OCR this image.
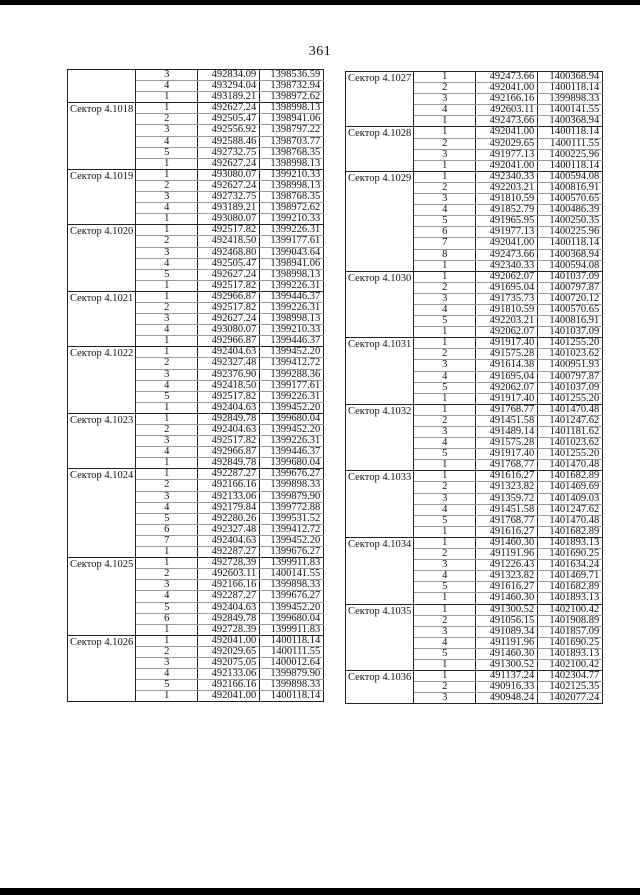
361
	3	492834.09	1398536.59
	4	493294.04	1398732.94
	1	493189.21	1398972.62
Сектор 4.1018	1	492627.24	1398998.13
	2	492505.47	1398941.06
	3	492556.92	1398797.22
	4	492588.46	1398703.77
	5	492732.75	1398768.35
	1	492627.24	1398998.13
Сектор 4.1019	1	493080.07	1399210.33
	2	492627.24	1398998.13
	3	492732.75	1398768.35
	4	493189.21	1398972.62
	1	493080.07	1399210.33
Сектор 4.1020	1	492517.82	1399226.31
	2	492418.50	1399177.61
	3	492468.80	1399043.64
	4	492505.47	1398941.06
	5	492627.24	1398998.13
	1	492517.82	1399226.31
Сектор 4.1021	1	492966.87	1399446.37
	2	492517.82	1399226.31
	3	492627.24	1398998.13
	4	493080.07	1399210.33
	1	492966.87	1399446.37
Сектор 4.1022	1	492404.63	1399452.20
	2	492327.48	1399412.72
	3	492376.90	1399288.36
	4	492418.50	1399177.61
	5	492517.82	1399226.31
	1	492404.63	1399452.20
Сектор 4.1023	1	492849.78	1399680.04
	2	492404.63	1399452.20
	3	492517.82	1399226.31
	4	492966.87	1399446.37
	1	492849.78	1399680.04
Сектор 4.1024	1	492287.27	1399676.27
	2	492166.16	1399898.33
	3	492133.06	1399879.90
	4	492179.84	1399772.88
	5	492280.26	1399531.52
	6	492327.48	1399412.72
	7	492404.63	1399452.20
	1	492287.27	1399676.27
Сектор 4.1025	1	492728.39	1399911.83
	2	492603.11	1400141.55
	3	492166.16	1399898.33
	4	492287.27	1399676.27
	5	492404.63	1399452.20
	6	492849.78	1399680.04
	1	492728.39	1399911.83
Сектор 4.1026	1	492041.00	1400118.14
	2	492029.65	1400111.55
	3	492075.05	1400012.64
	4	492133.06	1399879.90
	5	492166.16	1399898.33
	1	492041.00	1400118.14
Сектор 4.1027	1	492473.66	1400368.94
	2	492041.00	1400118.14
	3	492166.16	1399898.33
	4	492603.11	1400141.55
	1	492473.66	1400368.94
Сектор 4.1028	1	492041.00	1400118.14
	2	492029.65	1400111.55
	3	491977.13	1400225.96
	1	492041.00	1400118.14
Сектор 4.1029	1	492340.33	1400594.08
	2	492203.21	1400816.91
	3	491810.59	1400570.65
	4	491852.79	1400486.39
	5	491965.95	1400250.35
	6	491977.13	1400225.96
	7	492041.00	1400118.14
	8	492473.66	1400368.94
	1	492340.33	1400594.08
Сектор 4.1030	1	492062.07	1401037.09
	2	491695.04	1400797.87
	3	491735.73	1400720.12
	4	491810.59	1400570.65
	5	492203.21	1400816.91
	1	492062.07	1401037.09
Сектор 4.1031	1	491917.40	1401255.20
	2	491575.28	1401023.62
	3	491614.38	1400951.93
	4	491695.04	1400797.87
	5	492062.07	1401037.09
	1	491917.40	1401255.20
Сектор 4.1032	1	491768.77	1401470.48
	2	491451.58	1401247.62
	3	491489.14	1401181.62
	4	491575.28	1401023.62
	5	491917.40	1401255.20
	1	491768.77	1401470.48
Сектор 4.1033	1	491616.27	1401682.89
	2	491323.82	1401469.69
	3	491359.72	1401409.03
	4	491451.58	1401247.62
	5	491768.77	1401470.48
	1	491616.27	1401682.89
Сектор 4.1034	1	491460.30	1401893.13
	2	491191.96	1401690.25
	3	491226.43	1401634.24
	4	491323.82	1401469.71
	5	491616.27	1401682.89
	1	491460.30	1401893.13
Сектор 4.1035	1	491300.52	1402100.42
	2	491056.15	1401908.89
	3	491089.34	1401857.09
	4	491191.96	1401690.25
	5	491460.30	1401893.13
	1	491300.52	1402100.42
Сектор 4.1036	1	491137.24	1402304.77
	2	490916.33	1402125.35
	3	490948.24	1402077.24
